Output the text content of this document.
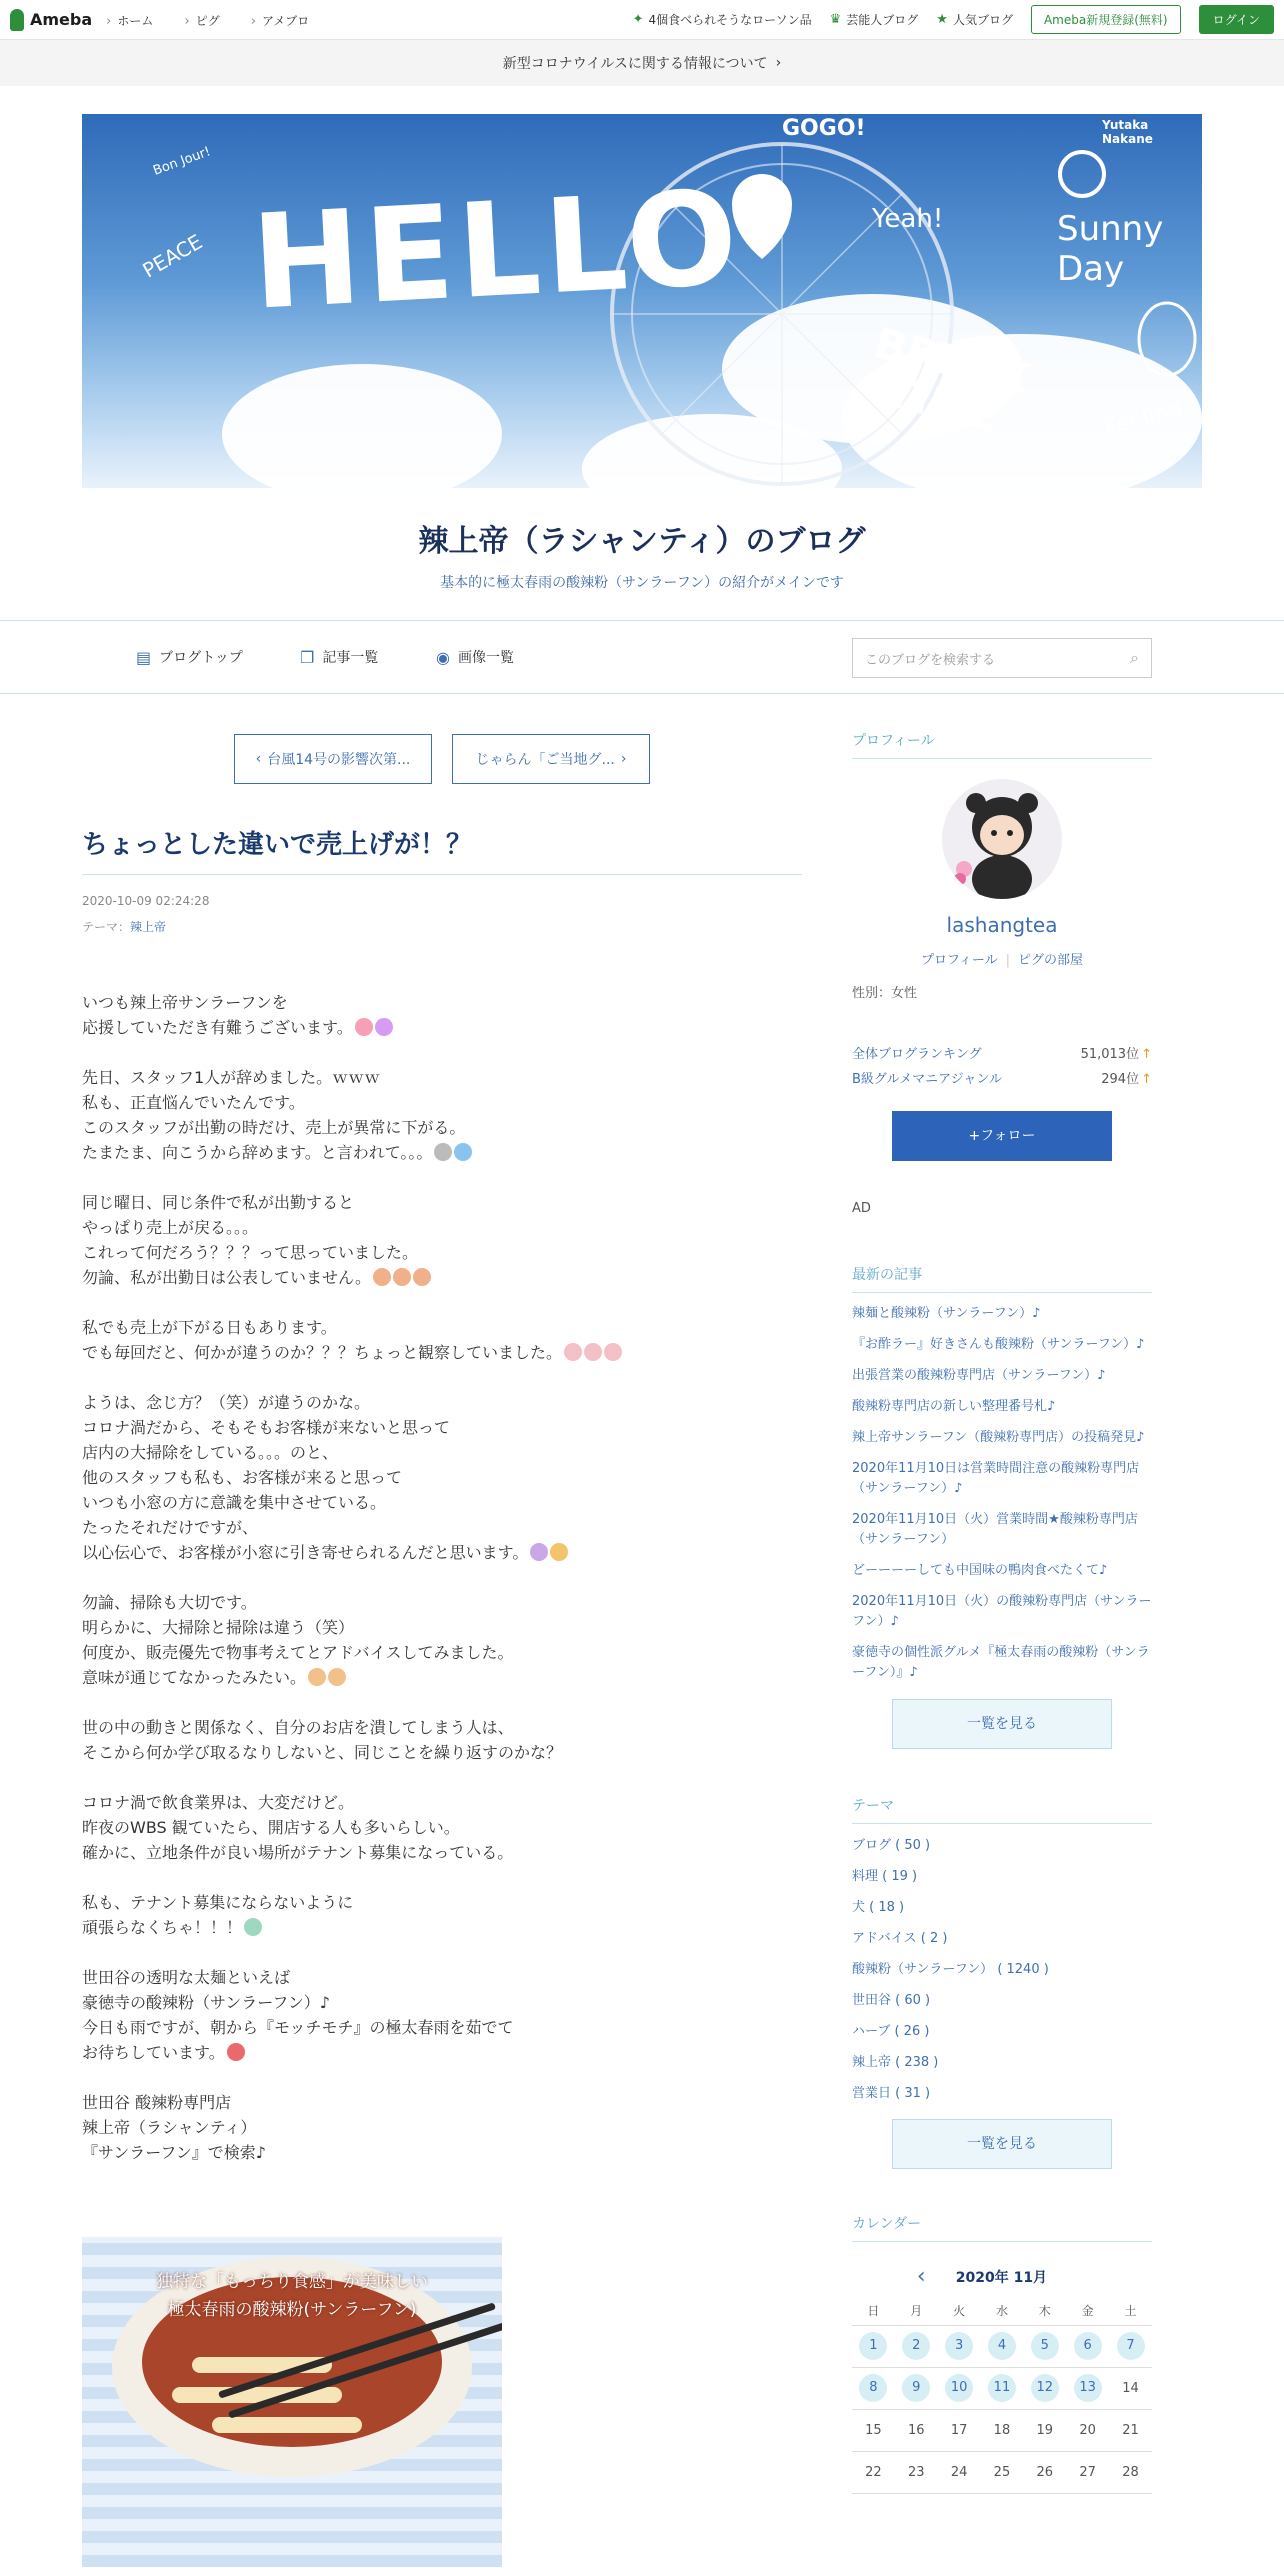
Ameba	› ホーム	› ピグ	› アメブロ	✦ 4個食べられそうなローソン品 ♛ 芸能人ブログ ★ 人気ブログ	Ameba新規登録(無料)	ログイン
新型コロナウイルスに関する情報について ›
HELLO
BREAK TIME
Sunny Day
GOGO!	Yutaka Nakane
Yeah!
PEACE
Bon Jour!
Feeling good~
辣上帝（ラシャンティ）のブログ

基本的に極太春雨の酸辣粉（サンラーフン）の紹介がメインです

▤ ブログトップ	❐ 記事一覧	◉ 画像一覧	このブログを検索する	⌕
‹ 台風14号の影響次第...	じゃらん「ご当地グ... ›
ちょっとした違いで売上げが！？
2020-10-09 02:24:28
テーマ：辣上帝

いつも辣上帝サンラーフンを
応援していただき有難うございます。

先日、スタッフ1人が辞めました。ｗｗｗ
私も、正直悩んでいたんです。
このスタッフが出勤の時だけ、売上が異常に下がる。
たまたま、向こうから辞めます。と言われて。。。

同じ曜日、同じ条件で私が出勤すると
やっぱり売上が戻る。。。
これって何だろう？？？って思っていました。
勿論、私が出勤日は公表していません。

私でも売上が下がる日もあります。
でも毎回だと、何かが違うのか？？？ちょっと観察していました。

ようは、念じ方？（笑）が違うのかな。
コロナ渦だから、そもそもお客様が来ないと思って
店内の大掃除をしている。。。のと、
他のスタッフも私も、お客様が来ると思って
いつも小窓の方に意識を集中させている。
たったそれだけですが、
以心伝心で、お客様が小窓に引き寄せられるんだと思います。

勿論、掃除も大切です。
明らかに、大掃除と掃除は違う（笑）
何度か、販売優先で物事考えてとアドバイスしてみました。
意味が通じてなかったみたい。

世の中の動きと関係なく、自分のお店を潰してしまう人は、
そこから何か学び取るなりしないと、同じことを繰り返すのかな？

コロナ渦で飲食業界は、大変だけど。
昨夜のWBS 観ていたら、開店する人も多いらしい。
確かに、立地条件が良い場所がテナント募集になっている。

私も、テナント募集にならないように
頑張らなくちゃ！！！

世田谷の透明な太麺といえば
豪徳寺の酸辣粉（サンラーフン）♪
今日も雨ですが、朝から『モッチモチ』の極太春雨を茹でて
お待ちしています。

世田谷 酸辣粉専門店
辣上帝（ラシャンティ）
『サンラーフン』で検索♪

独特な「もっちり食感」が美味しい
極太春雨の酸辣粉(サンラーフン)
プロフィール
lashangtea
プロフィール | ピグの部屋
性別：女性
全体ブログランキング	51,013位 ↑
B級グルメマニアジャンル	294位 ↑
+フォロー
AD
最新の記事
辣麺と酸辣粉（サンラーフン）♪
『お酢ラー』好きさんも酸辣粉（サンラーフン）♪
出張営業の酸辣粉専門店（サンラーフン）♪
酸辣粉専門店の新しい整理番号札♪
辣上帝サンラーフン（酸辣粉専門店）の投稿発見♪
2020年11月10日は営業時間注意の酸辣粉専門店（サンラーフン）♪
2020年11月10日（火）営業時間★酸辣粉専門店（サンラーフン）
どーーーーしても中国味の鴨肉食べたくて♪
2020年11月10日（火）の酸辣粉専門店（サンラーフン）♪
豪徳寺の個性派グルメ『極太春雨の酸辣粉（サンラーフン）』♪
一覧を見る
テーマ
ブログ ( 50 )
料理 ( 19 )
犬 ( 18 )
アドバイス ( 2 )
酸辣粉（サンラーフン） ( 1240 )
世田谷 ( 60 )
ハーブ ( 26 )
辣上帝 ( 238 )
営業日 ( 31 )
一覧を見る
カレンダー
‹ 2020年 11月
日	月	火	水	木	金	土
1	2	3	4	5	6	7
8	9	10	11	12	13	14
15	16	17	18	19	20	21
22	23	24	25	26	27	28
